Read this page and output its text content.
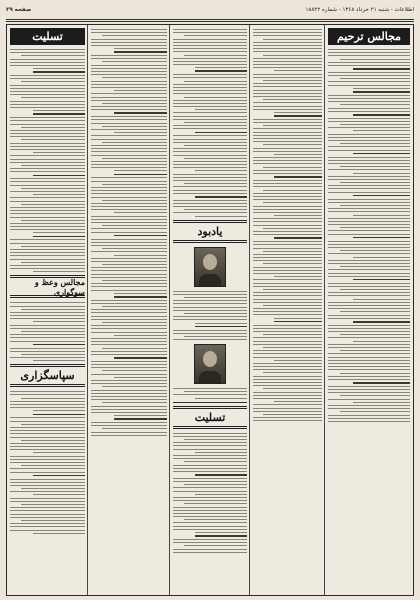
اطلاعات - شنبه ۲۱ خرداد ۱۳۶۸ - شماره ۱۸۸۲۲
صفحه ۲۹
مجالس ترحیم
یادبود
تسلیت
تسلیت
مجالس وعظ و سوگواری
سپاسگزاری
